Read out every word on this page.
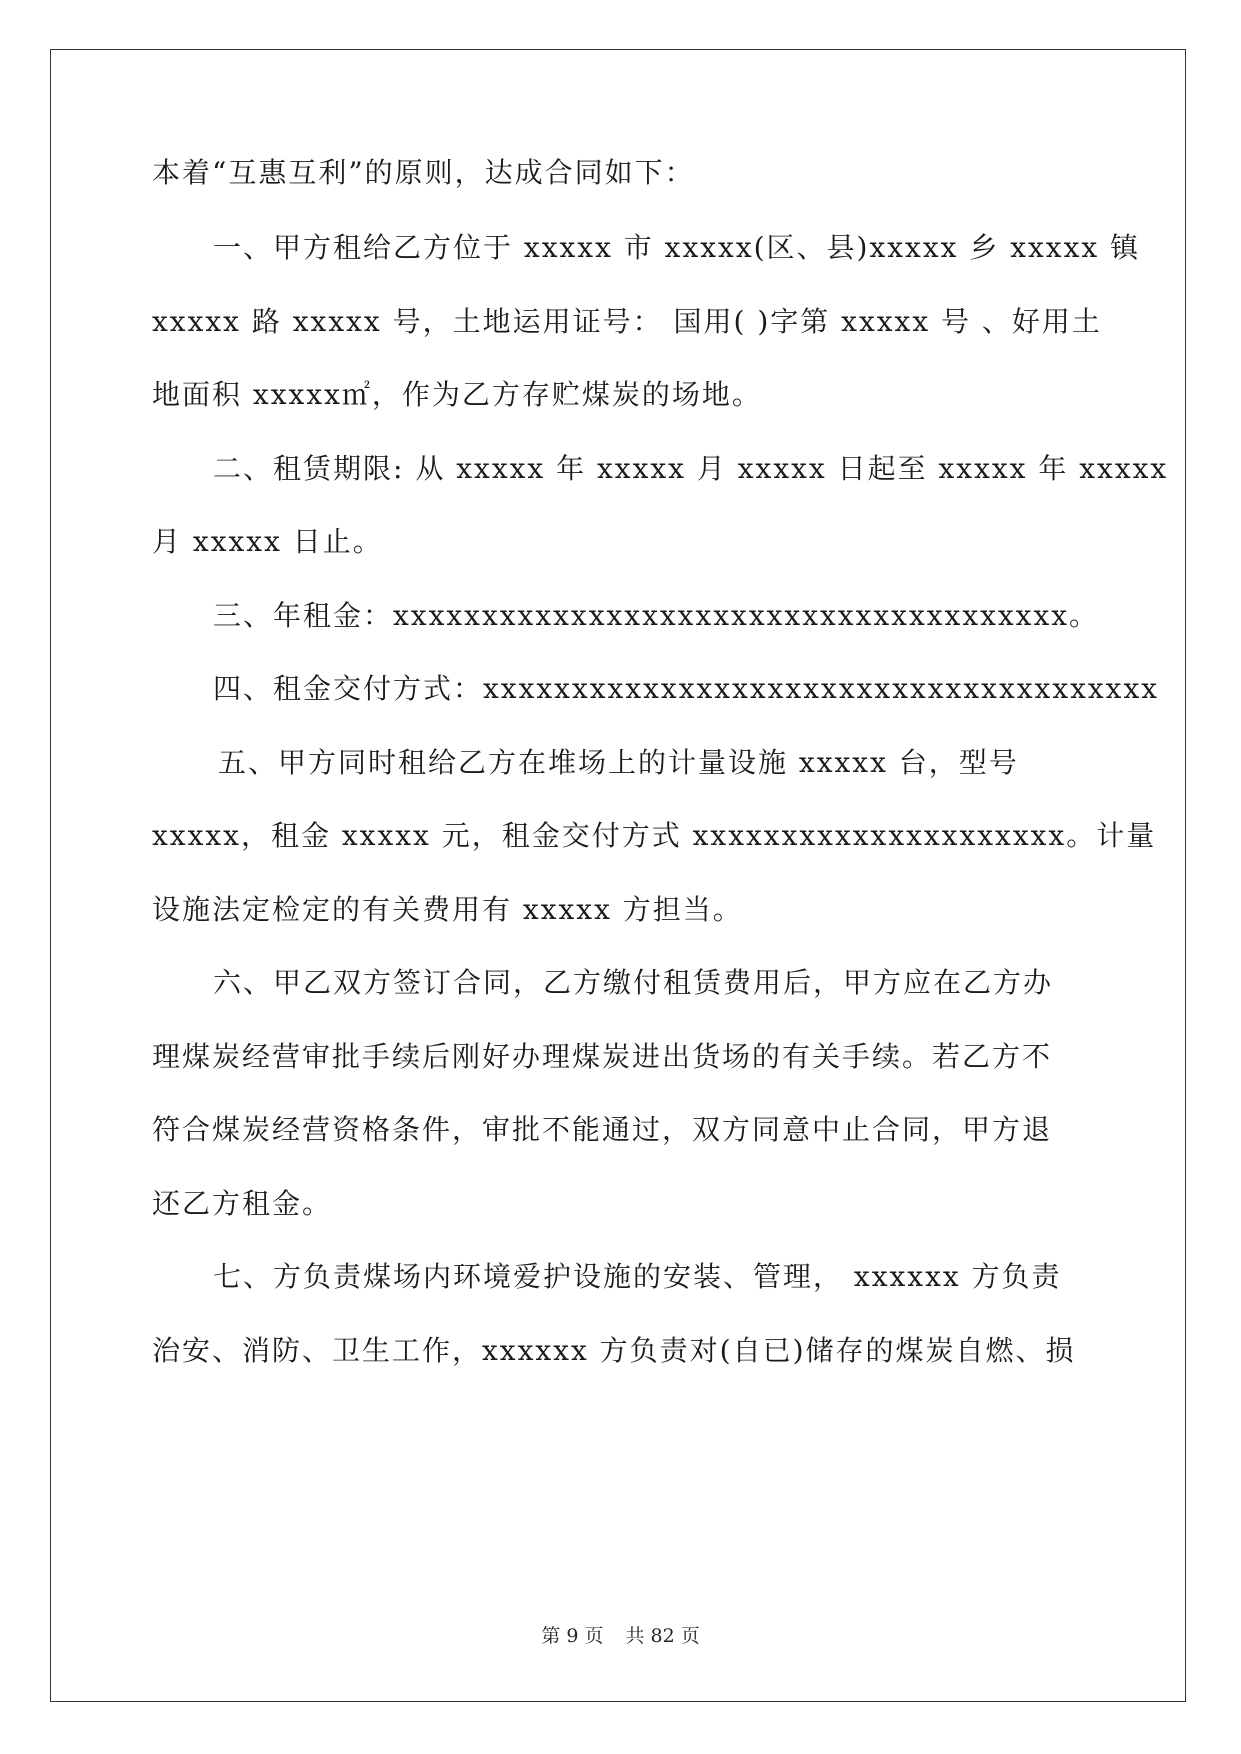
本着“互惠互利”的原则，达成合同如下：
一、甲方租给乙方位于 xxxxx 市 xxxxx(区、县)xxxxx 乡 xxxxx 镇
xxxxx 路 xxxxx 号，土地运用证号： 国用( )字第 xxxxx 号 、好用土
地面积 xxxxx㎡，作为乙方存贮煤炭的场地。
二、租赁期限: 从 xxxxx 年 xxxxx 月 xxxxx 日起至 xxxxx 年 xxxxx
月 xxxxx 日止。
三、年租金：xxxxxxxxxxxxxxxxxxxxxxxxxxxxxxxxxxxxxx。
四、租金交付方式：xxxxxxxxxxxxxxxxxxxxxxxxxxxxxxxxxxxxxx
五、甲方同时租给乙方在堆场上的计量设施 xxxxx 台，型号
xxxxx，租金 xxxxx 元，租金交付方式 xxxxxxxxxxxxxxxxxxxxx。计量
设施法定检定的有关费用有 xxxxx 方担当。
六、甲乙双方签订合同，乙方缴付租赁费用后，甲方应在乙方办
理煤炭经营审批手续后刚好办理煤炭进出货场的有关手续。若乙方不
符合煤炭经营资格条件，审批不能通过，双方同意中止合同，甲方退
还乙方租金。
七、方负责煤场内环境爱护设施的安装、管理， xxxxxx 方负责
治安、消防、卫生工作，xxxxxx 方负责对(自已)储存的煤炭自燃、损
第 9 页 共 82 页
